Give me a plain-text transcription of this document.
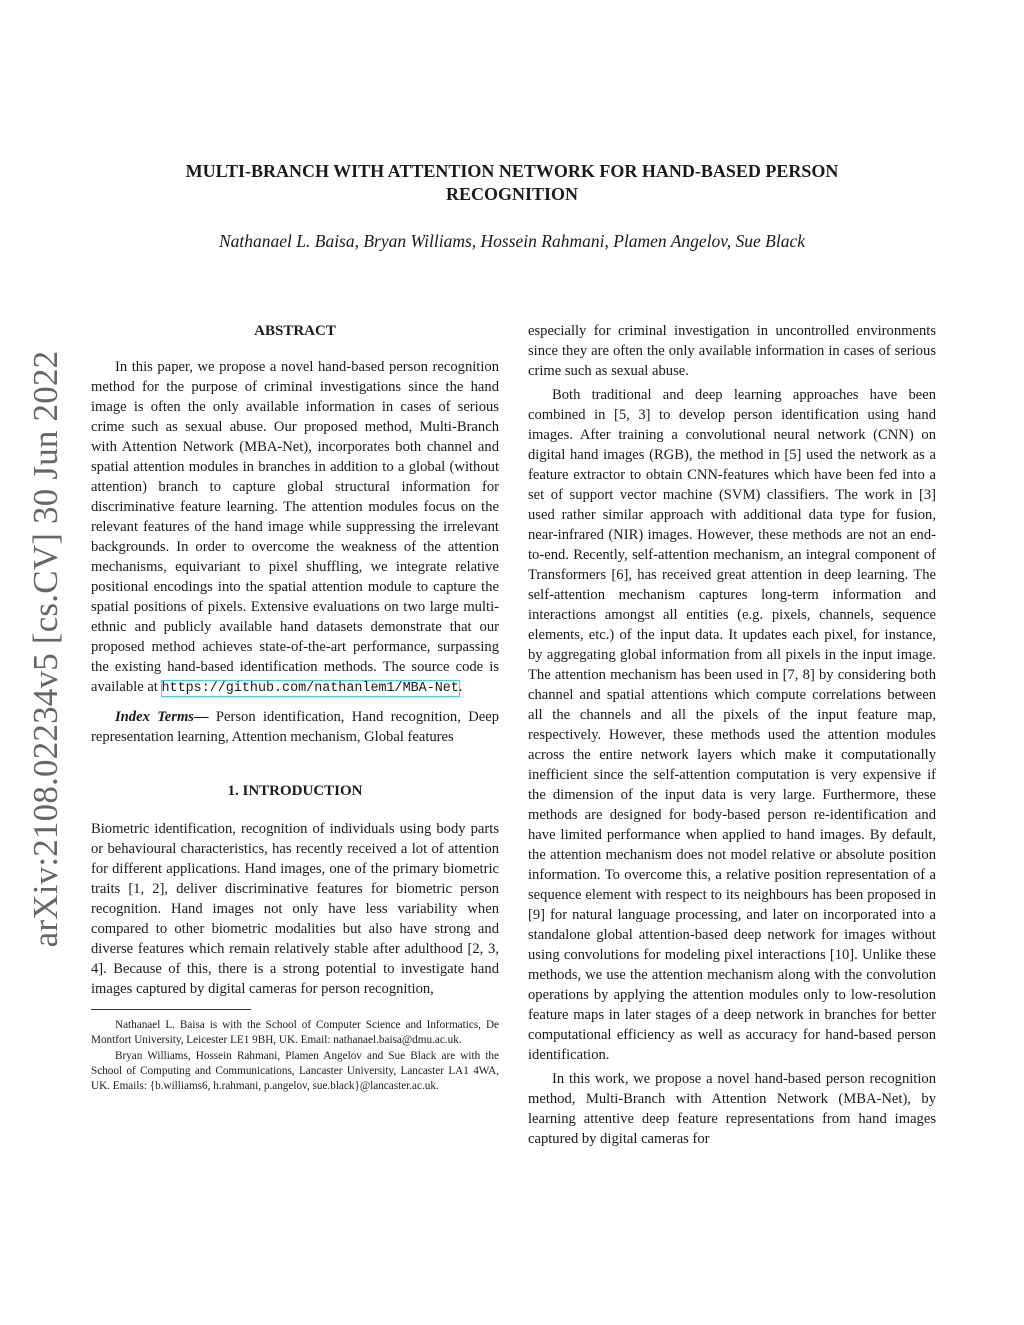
arXiv:2108.02234v5 [cs.CV] 30 Jun 2022
MULTI-BRANCH WITH ATTENTION NETWORK FOR HAND-BASED PERSON RECOGNITION
Nathanael L. Baisa, Bryan Williams, Hossein Rahmani, Plamen Angelov, Sue Black

ABSTRACT

In this paper, we propose a novel hand-based person recognition method for the purpose of criminal investigations since the hand image is often the only available information in cases of serious crime such as sexual abuse. Our proposed method, Multi-Branch with Attention Network (MBA-Net), incorporates both channel and spatial attention modules in branches in addition to a global (without attention) branch to capture global structural information for discriminative feature learning. The attention modules focus on the relevant features of the hand image while suppressing the irrelevant backgrounds. In order to overcome the weakness of the attention mechanisms, equivariant to pixel shuffling, we integrate relative positional encodings into the spatial attention module to capture the spatial positions of pixels. Extensive evaluations on two large multi-ethnic and publicly available hand datasets demonstrate that our proposed method achieves state-of-the-art performance, surpassing the existing hand-based identification methods. The source code is available at https://github.com/nathanlem1/MBA-Net.

Index Terms— Person identification, Hand recognition, Deep representation learning, Attention mechanism, Global features

1. INTRODUCTION

Biometric identification, recognition of individuals using body parts or behavioural characteristics, has recently received a lot of attention for different applications. Hand images, one of the primary biometric traits [1, 2], deliver discriminative features for biometric person recognition. Hand images not only have less variability when compared to other biometric modalities but also have strong and diverse features which remain relatively stable after adulthood [2, 3, 4]. Because of this, there is a strong potential to investigate hand images captured by digital cameras for person recognition,

Nathanael L. Baisa is with the School of Computer Science and Informatics, De Montfort University, Leicester LE1 9BH, UK. Email: nathanael.baisa@dmu.ac.uk.

Bryan Williams, Hossein Rahmani, Plamen Angelov and Sue Black are with the School of Computing and Communications, Lancaster University, Lancaster LA1 4WA, UK. Emails: {b.williams6, h.rahmani, p.angelov, sue.black}@lancaster.ac.uk.

especially for criminal investigation in uncontrolled environments since they are often the only available information in cases of serious crime such as sexual abuse.

Both traditional and deep learning approaches have been combined in [5, 3] to develop person identification using hand images. After training a convolutional neural network (CNN) on digital hand images (RGB), the method in [5] used the network as a feature extractor to obtain CNN-features which have been fed into a set of support vector machine (SVM) classifiers. The work in [3] used rather similar approach with additional data type for fusion, near-infrared (NIR) images. However, these methods are not an end-to-end. Recently, self-attention mechanism, an integral component of Transformers [6], has received great attention in deep learning. The self-attention mechanism captures long-term information and interactions amongst all entities (e.g. pixels, channels, sequence elements, etc.) of the input data. It updates each pixel, for instance, by aggregating global information from all pixels in the input image. The attention mechanism has been used in [7, 8] by considering both channel and spatial attentions which compute correlations between all the channels and all the pixels of the input feature map, respectively. However, these methods used the attention modules across the entire network layers which make it computationally inefficient since the self-attention computation is very expensive if the dimension of the input data is very large. Furthermore, these methods are designed for body-based person re-identification and have limited performance when applied to hand images. By default, the attention mechanism does not model relative or absolute position information. To overcome this, a relative position representation of a sequence element with respect to its neighbours has been proposed in [9] for natural language processing, and later on incorporated into a standalone global attention-based deep network for images without using convolutions for modeling pixel interactions [10]. Unlike these methods, we use the attention mechanism along with the convolution operations by applying the attention modules only to low-resolution feature maps in later stages of a deep network in branches for better computational efficiency as well as accuracy for hand-based person identification.

In this work, we propose a novel hand-based person recognition method, Multi-Branch with Attention Network (MBA-Net), by learning attentive deep feature representations from hand images captured by digital cameras for
